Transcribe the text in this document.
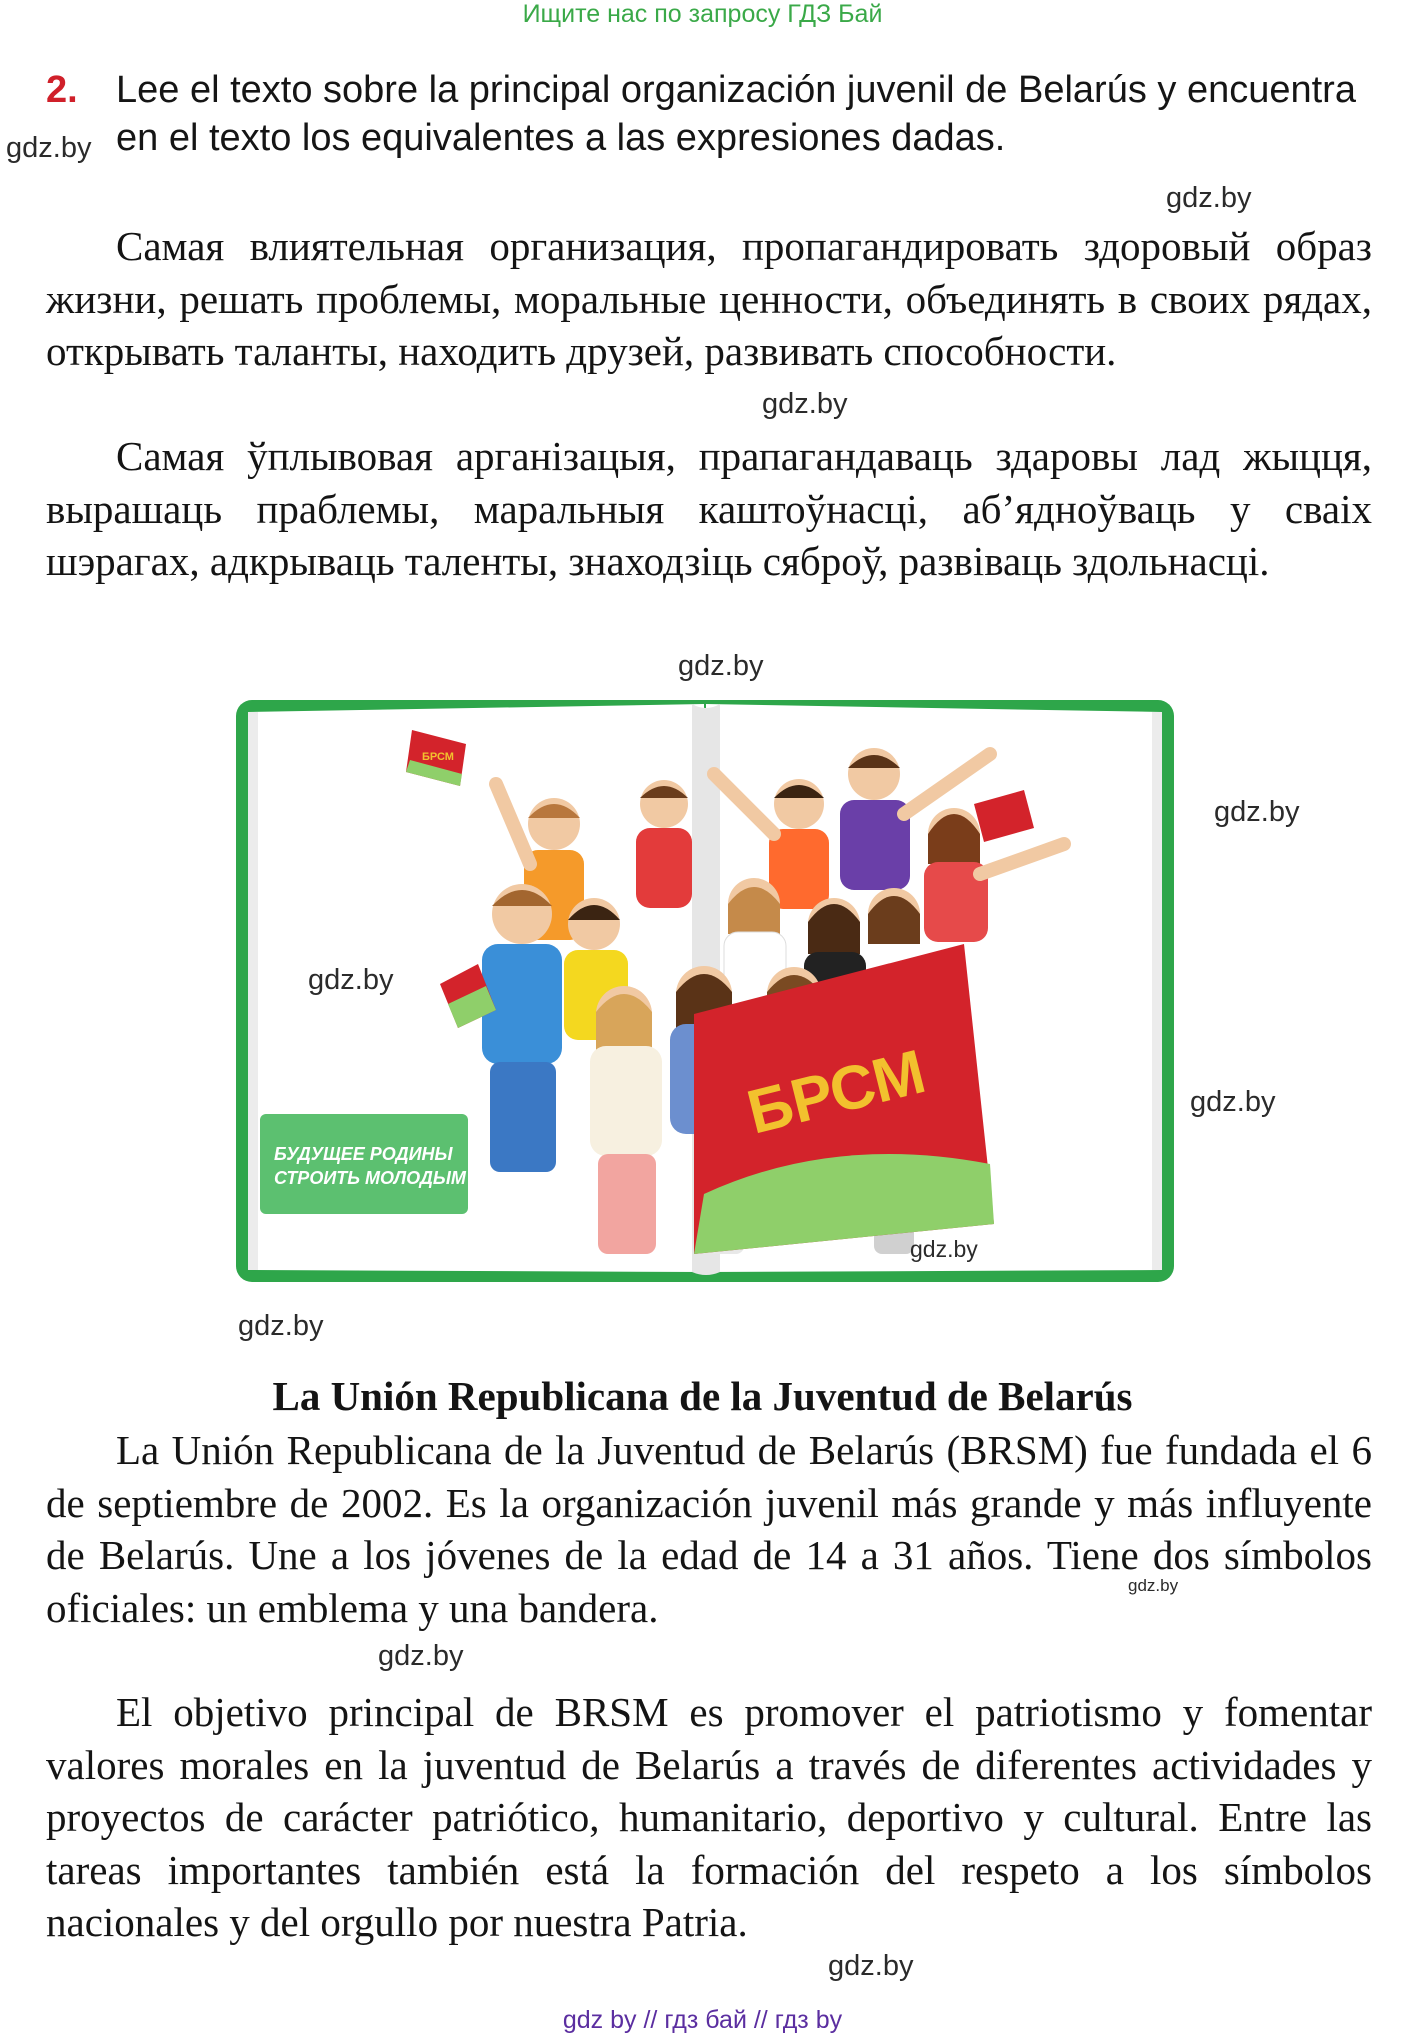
Ищите нас по запросу ГДЗ Бай
2. Lee el texto sobre la principal organización juvenil de Belarús y encuentra en el texto los equivalentes a las expresiones dadas.
gdz.by
gdz.by
Самая влиятельная организация, пропагандировать здоровый образ жизни, решать проблемы, моральные ценности, объединять в своих рядах, открывать таланты, находить друзей, развивать способности.
gdz.by
Самая ўплывовая арганізацыя, прапагандаваць здаровы лад жыцця, вырашаць праблемы, маральныя каштоўнасці, аб’ядноўваць у сваіх шэрагах, адкрываць таленты, знаходзіць сяброў, развіваць здольнасці.
gdz.by
БУДУЩЕЕ РОДИНЫ
СТРОИТЬ МОЛОДЫМ
БРСМ
БРСМ
gdz.by
gdz.by
gdz.by
gdz.by
gdz.by
La Unión Republicana de la Juventud de Belarús
La Unión Republicana de la Juventud de Belarús (BRSM) fue fundada el 6 de septiembre de 2002. Es la organización juvenil más grande y más influyente de Belarús. Une a los jóvenes de la edad de 14 a 31 años. Tiene dos símbolos oficiales: un emblema y una bandera.	gdz.by
gdz.by
El objetivo principal de BRSM es promover el patriotismo y fomentar valores morales en la juventud de Belarús a través de diferentes actividades y proyectos de carácter patriótico, humanitario, deportivo y cultural. Entre las tareas importantes también está la formación del respeto a los símbolos nacionales y del orgullo por nuestra Patria.
gdz.by
gdz by // гдз бай // гдз by
